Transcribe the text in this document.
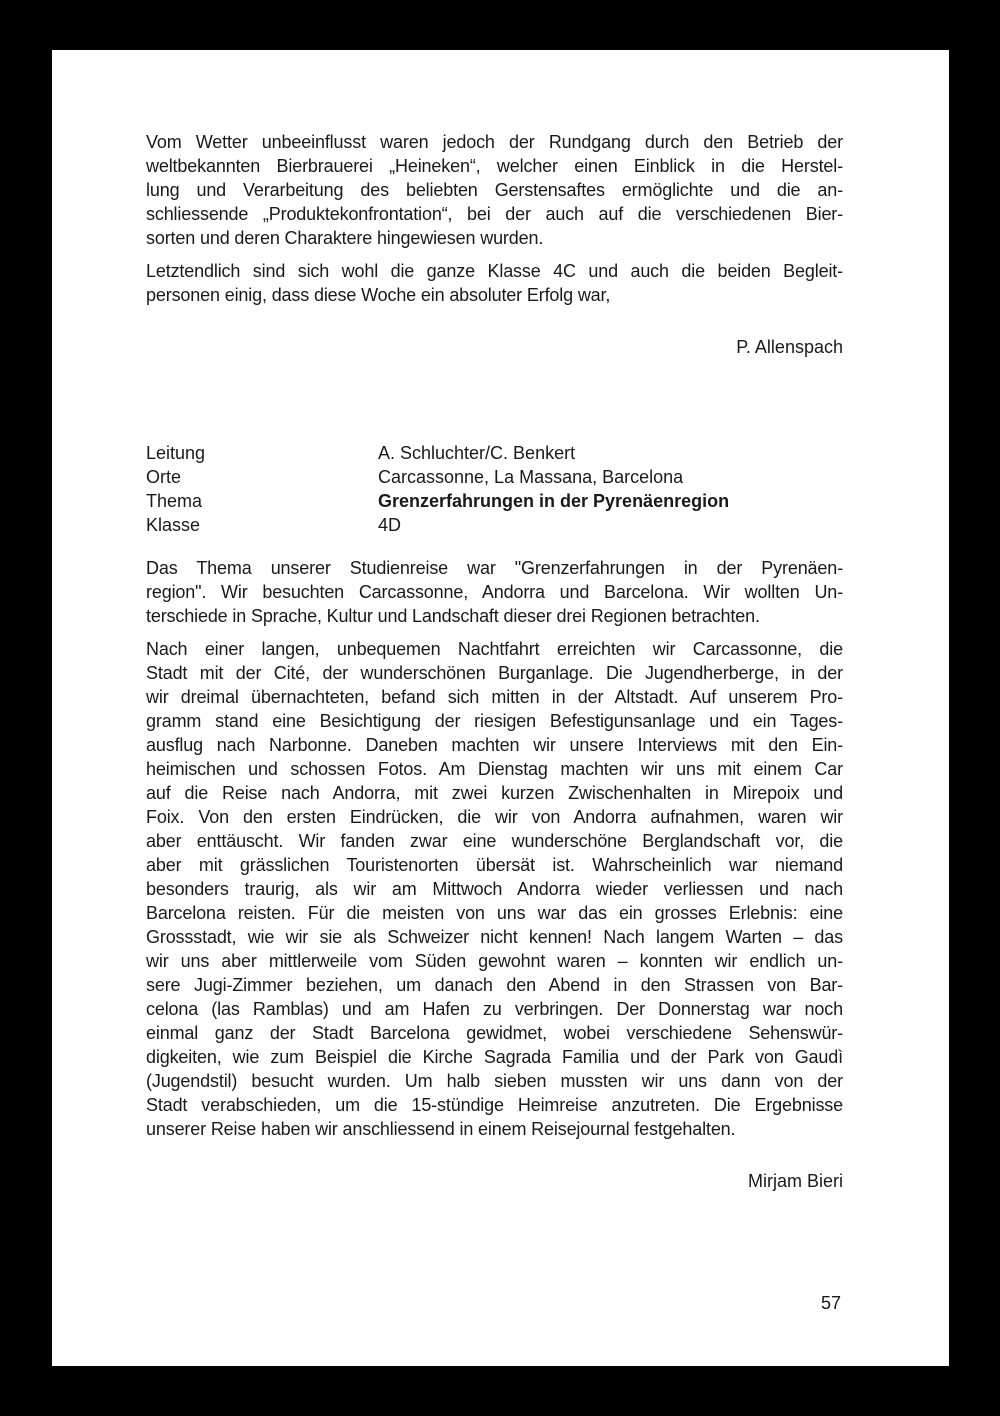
Vom Wetter unbeeinflusst waren jedoch der Rundgang durch den Betrieb der
weltbekannten Bierbrauerei „Heineken“, welcher einen Einblick in die Herstel-
lung und Verarbeitung des beliebten Gerstensaftes ermöglichte und die an-
schliessende „Produktekonfrontation“, bei der auch auf die verschiedenen Bier-
sorten und deren Charaktere hingewiesen wurden.

Letztendlich sind sich wohl die ganze Klasse 4C und auch die beiden Begleit-
personen einig, dass diese Woche ein absoluter Erfolg war,

P. Allenspach
Leitung	A. Schluchter/C. Benkert
Orte	Carcassonne, La Massana, Barcelona
Thema	Grenzerfahrungen in der Pyrenäenregion
Klasse	4D

Das Thema unserer Studienreise war "Grenzerfahrungen in der Pyrenäen-
region". Wir besuchten Carcassonne, Andorra und Barcelona. Wir wollten Un-
terschiede in Sprache, Kultur und Landschaft dieser drei Regionen betrachten.

Nach einer langen, unbequemen Nachtfahrt erreichten wir Carcassonne, die
Stadt mit der Cité, der wunderschönen Burganlage. Die Jugendherberge, in der
wir dreimal übernachteten, befand sich mitten in der Altstadt. Auf unserem Pro-
gramm stand eine Besichtigung der riesigen Befestigunsanlage und ein Tages-
ausflug nach Narbonne. Daneben machten wir unsere Interviews mit den Ein-
heimischen und schossen Fotos. Am Dienstag machten wir uns mit einem Car
auf die Reise nach Andorra, mit zwei kurzen Zwischenhalten in Mirepoix und
Foix. Von den ersten Eindrücken, die wir von Andorra aufnahmen, waren wir
aber enttäuscht. Wir fanden zwar eine wunderschöne Berglandschaft vor, die
aber mit grässlichen Touristenorten übersät ist. Wahrscheinlich war niemand
besonders traurig, als wir am Mittwoch Andorra wieder verliessen und nach
Barcelona reisten. Für die meisten von uns war das ein grosses Erlebnis: eine
Grossstadt, wie wir sie als Schweizer nicht kennen! Nach langem Warten – das
wir uns aber mittlerweile vom Süden gewohnt waren – konnten wir endlich un-
sere Jugi-Zimmer beziehen, um danach den Abend in den Strassen von Bar-
celona (las Ramblas) und am Hafen zu verbringen. Der Donnerstag war noch
einmal ganz der Stadt Barcelona gewidmet, wobei verschiedene Sehenswür-
digkeiten, wie zum Beispiel die Kirche Sagrada Familia und der Park von Gaudì
(Jugendstil) besucht wurden. Um halb sieben mussten wir uns dann von der
Stadt verabschieden, um die 15-stündige Heimreise anzutreten. Die Ergebnisse
unserer Reise haben wir anschliessend in einem Reisejournal festgehalten.

Mirjam Bieri
57
